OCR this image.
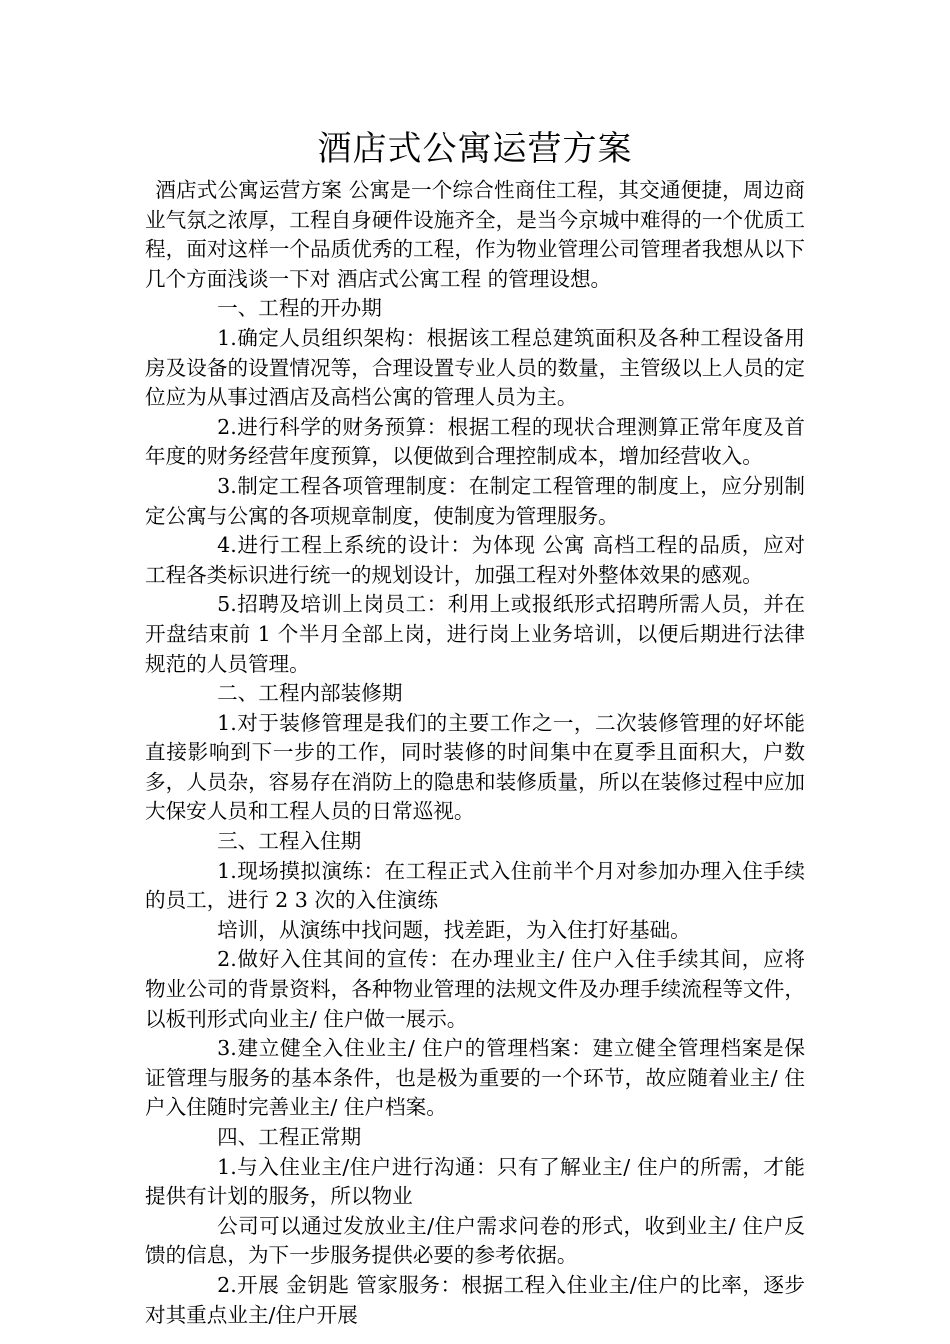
酒店式公寓运营方案

酒店式公寓运营方案 公寓是一个综合性商住工程，其交通便捷，周边商业气氛之浓厚，工程自身硬件设施齐全，是当今京城中难得的一个优质工程，面对这样一个品质优秀的工程，作为物业管理公司管理者我想从以下几个方面浅谈一下对 酒店式公寓工程 的管理设想。

一、工程的开办期

1.确定人员组织架构：根据该工程总建筑面积及各种工程设备用房及设备的设置情况等，合理设置专业人员的数量，主管级以上人员的定位应为从事过酒店及高档公寓的管理人员为主。

2.进行科学的财务预算：根据工程的现状合理测算正常年度及首年度的财务经营年度预算，以便做到合理控制成本，增加经营收入。

3.制定工程各项管理制度：在制定工程管理的制度上，应分别制定公寓与公寓的各项规章制度，使制度为管理服务。

4.进行工程上系统的设计：为体现 公寓 高档工程的品质，应对工程各类标识进行统一的规划设计，加强工程对外整体效果的感观。

5.招聘及培训上岗员工：利用上或报纸形式招聘所需人员，并在开盘结束前 1 个半月全部上岗，进行岗上业务培训，以便后期进行法律规范的人员管理。

二、工程内部装修期

1.对于装修管理是我们的主要工作之一，二次装修管理的好坏能直接影响到下一步的工作，同时装修的时间集中在夏季且面积大，户数多，人员杂，容易存在消防上的隐患和装修质量，所以在装修过程中应加大保安人员和工程人员的日常巡视。

三、工程入住期

1.现场摸拟演练：在工程正式入住前半个月对参加办理入住手续的员工，进行 2 3 次的入住演练

培训，从演练中找问题，找差距，为入住打好基础。

2.做好入住其间的宣传：在办理业主/ 住户入住手续其间，应将物业公司的背景资料，各种物业管理的法规文件及办理手续流程等文件，以板刊形式向业主/ 住户做一展示。

3.建立健全入住业主/ 住户的管理档案：建立健全管理档案是保证管理与服务的基本条件，也是极为重要的一个环节，故应随着业主/ 住户入住随时完善业主/ 住户档案。

四、工程正常期

1.与入住业主/住户进行沟通：只有了解业主/ 住户的所需，才能提供有计划的服务，所以物业

公司可以通过发放业主/住户需求问卷的形式，收到业主/ 住户反馈的信息，为下一步服务提供必要的参考依据。

2.开展 金钥匙 管家服务：根据工程入住业主/住户的比率，逐步对其重点业主/住户开展
